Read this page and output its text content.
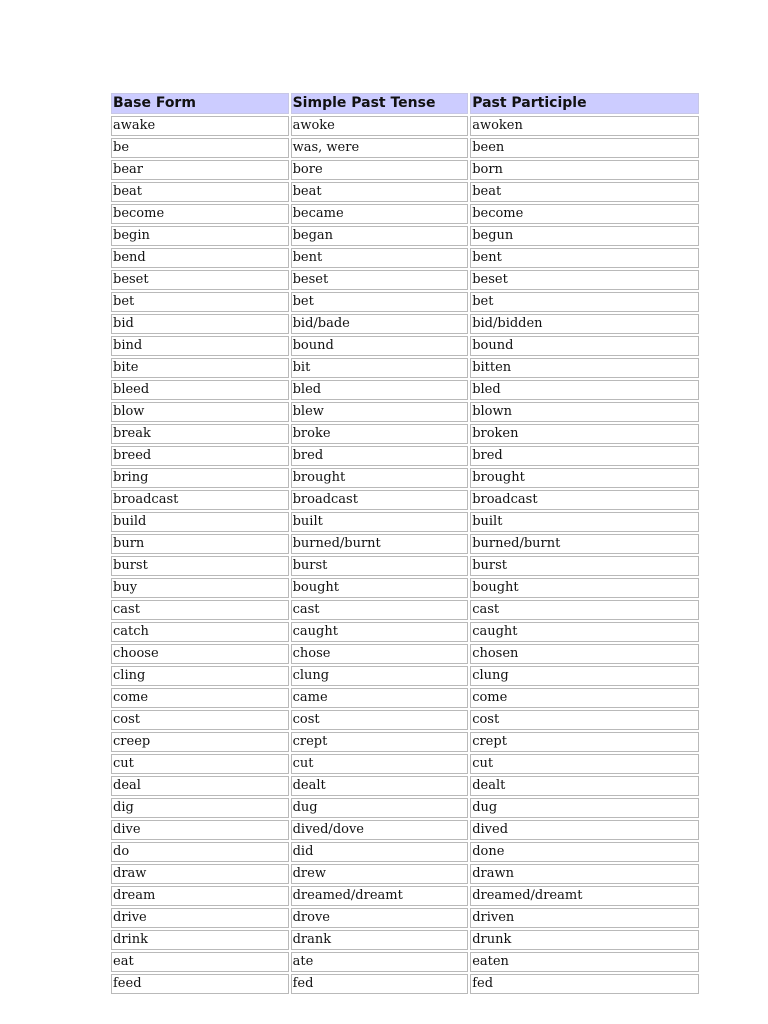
Base Form	Simple Past Tense	Past Participle
awake	awoke	awoken
be	was, were	been
bear	bore	born
beat	beat	beat
become	became	become
begin	began	begun
bend	bent	bent
beset	beset	beset
bet	bet	bet
bid	bid/bade	bid/bidden
bind	bound	bound
bite	bit	bitten
bleed	bled	bled
blow	blew	blown
break	broke	broken
breed	bred	bred
bring	brought	brought
broadcast	broadcast	broadcast
build	built	built
burn	burned/burnt	burned/burnt
burst	burst	burst
buy	bought	bought
cast	cast	cast
catch	caught	caught
choose	chose	chosen
cling	clung	clung
come	came	come
cost	cost	cost
creep	crept	crept
cut	cut	cut
deal	dealt	dealt
dig	dug	dug
dive	dived/dove	dived
do	did	done
draw	drew	drawn
dream	dreamed/dreamt	dreamed/dreamt
drive	drove	driven
drink	drank	drunk
eat	ate	eaten
feed	fed	fed
